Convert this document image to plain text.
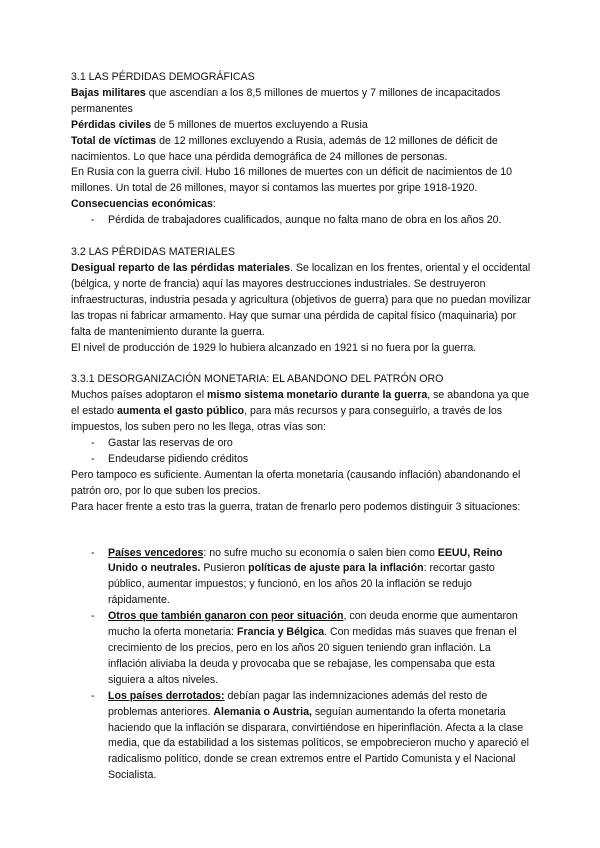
3.1 LAS PÉRDIDAS DEMOGRÁFICAS

Bajas militares que ascendían a los 8,5 millones de muertos y 7 millones de incapacitados permanentes

Pérdidas civiles de 5 millones de muertos excluyendo a Rusia

Total de víctimas de 12 millones excluyendo a Rusia, además de 12 millones de déficit de nacimientos. Lo que hace una pérdida demográfica de 24 millones de personas.

En Rusia con la guerra civil. Hubo 16 millones de muertes con un déficit de nacimientos de 10 millones. Un total de 26 millones, mayor si contamos las muertes por gripe 1918-1920.

Consecuencias económicas:

- Pérdida de trabajadores cualificados, aunque no falta mano de obra en los años 20.

3.2 LAS PÉRDIDAS MATERIALES

Desigual reparto de las pérdidas materiales. Se localizan en los frentes, oriental y el occidental (bélgica, y norte de francia) aquí las mayores destrucciones industriales. Se destruyeron infraestructuras, industria pesada y agricultura (objetivos de guerra) para que no puedan movilizar las tropas ni fabricar armamento. Hay que sumar una pérdida de capital físico (maquinaria) por falta de mantenimiento durante la guerra.

El nivel de producción de 1929 lo hubiera alcanzado en 1921 si no fuera por la guerra.

3.3.1 DESORGANIZACIÓN MONETARIA: EL ABANDONO DEL PATRÓN ORO

Muchos países adoptaron el mismo sistema monetario durante la guerra, se abandona ya que el estado aumenta el gasto público, para más recursos y para conseguirlo, a través de los impuestos, los suben pero no les llega, otras vías son:

- Gastar las reservas de oro
- Endeudarse pidiendo créditos

Pero tampoco es suficiente. Aumentan la oferta monetaria (causando inflación) abandonando el patrón oro, por lo que suben los precios.

Para hacer frente a esto tras la guerra, tratan de frenarlo pero podemos distinguir 3 situaciones:

- Países vencedores: no sufre mucho su economía o salen bien como EEUU, Reino Unido o neutrales. Pusieron políticas de ajuste para la inflación: recortar gasto público, aumentar impuestos; y funcionó, en los años 20 la inflación se redujo rápidamente.
- Otros que también ganaron con peor situación, con deuda enorme que aumentaron mucho la oferta monetaria: Francia y Bélgica. Con medidas más suaves que frenan el crecimiento de los precios, pero en los años 20 siguen teniendo gran inflación. La inflación aliviaba la deuda y provocaba que se rebajase, les compensaba que esta siguiera a altos niveles.
- Los países derrotados: debían pagar las indemnizaciones además del resto de problemas anteriores. Alemania o Austria, seguían aumentando la oferta monetaria haciendo que la inflación se disparara, convirtiéndose en hiperinflación. Afecta a la clase media, que da estabilidad a los sistemas políticos, se empobrecieron mucho y apareció el radicalismo político, donde se crean extremos entre el Partido Comunista y el Nacional Socialista.
